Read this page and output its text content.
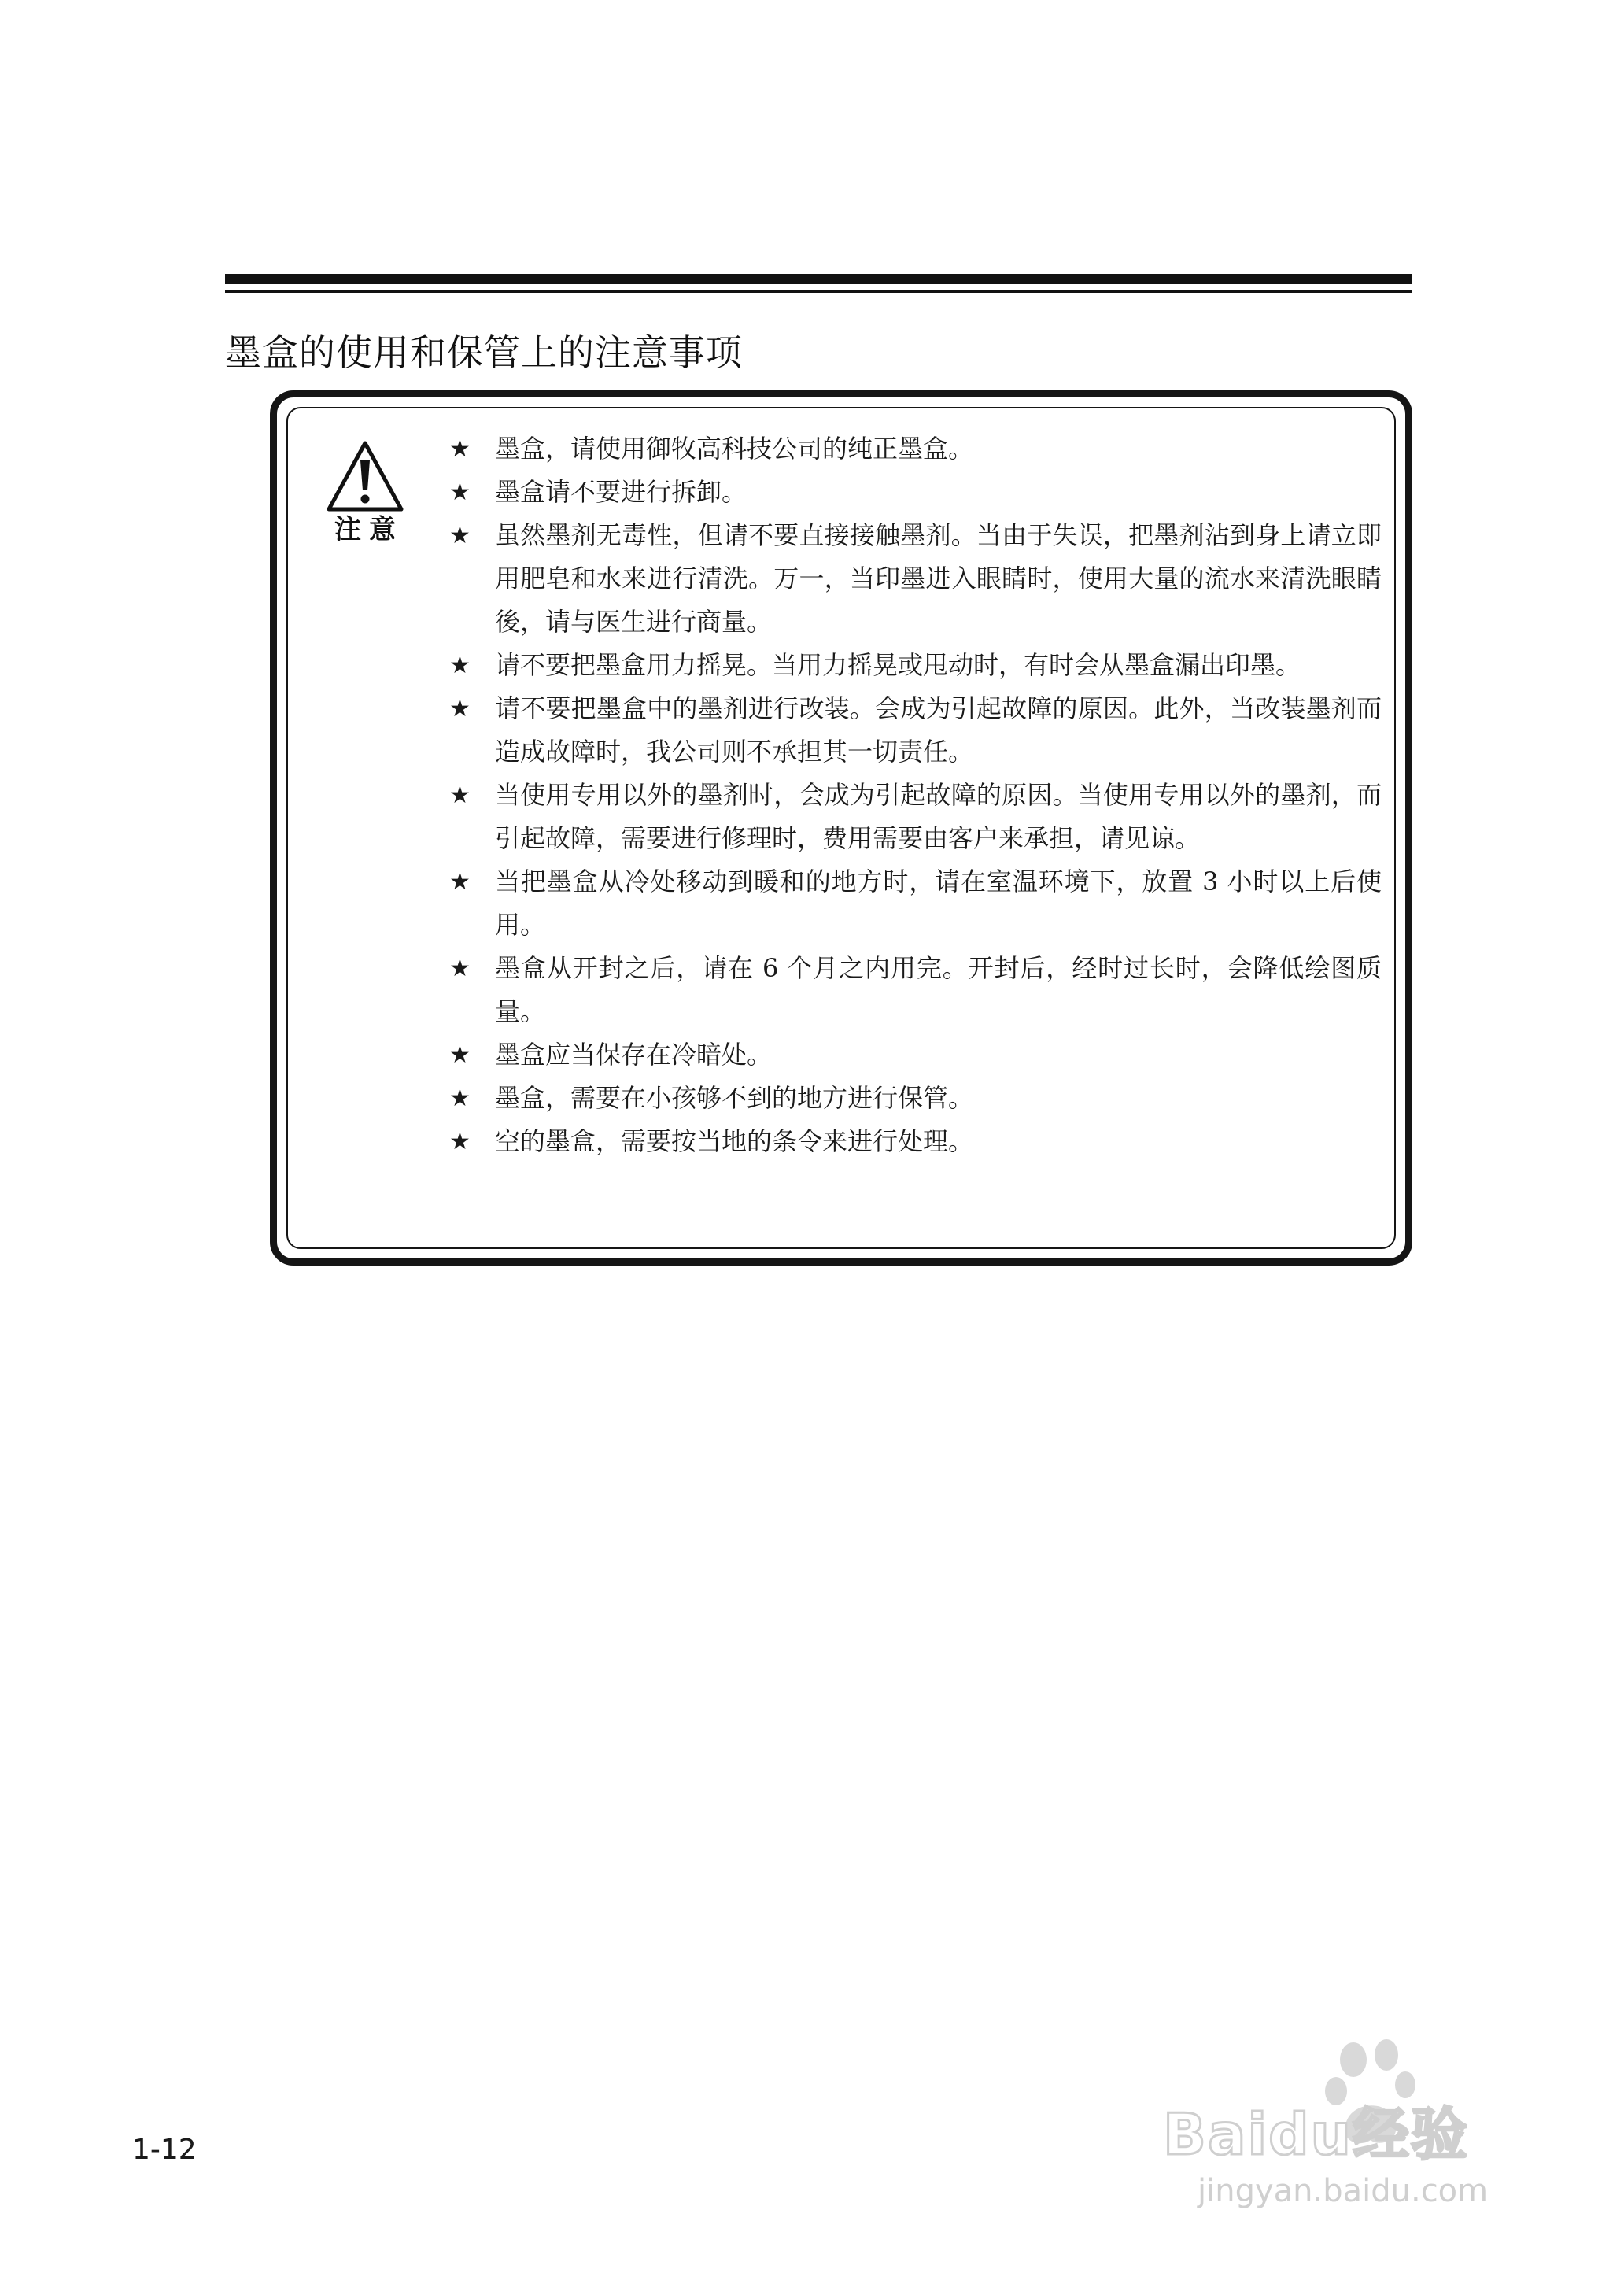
墨盒的使用和保管上的注意事项
注意
★ 墨盒，请使用御牧高科技公司的纯正墨盒。
★ 墨盒请不要进行拆卸。
★ 虽然墨剂无毒性，但请不要直接接触墨剂。当由于失误，把墨剂沾到身上请立即用肥皂和水来进行清洗。万一，当印墨进入眼睛时，使用大量的流水来清洗眼睛後，请与医生进行商量。
★ 请不要把墨盒用力摇晃。当用力摇晃或甩动时，有时会从墨盒漏出印墨。
★ 请不要把墨盒中的墨剂进行改装。会成为引起故障的原因。此外，当改装墨剂而造成故障时，我公司则不承担其一切责任。
★ 当使用专用以外的墨剂时，会成为引起故障的原因。当使用专用以外的墨剂，而引起故障，需要进行修理时，费用需要由客户来承担，请见谅。
★ 当把墨盒从冷处移动到暖和的地方时，请在室温环境下，放置 3 小时以上后使用。
★ 墨盒从开封之后，请在 6 个月之内用完。开封后，经时过长时，会降低绘图质量。
★ 墨盒应当保存在冷暗处。
★ 墨盒，需要在小孩够不到的地方进行保管。
★ 空的墨盒，需要按当地的条令来进行处理。
1-12	Baidu经验
jingyan.baidu.com
